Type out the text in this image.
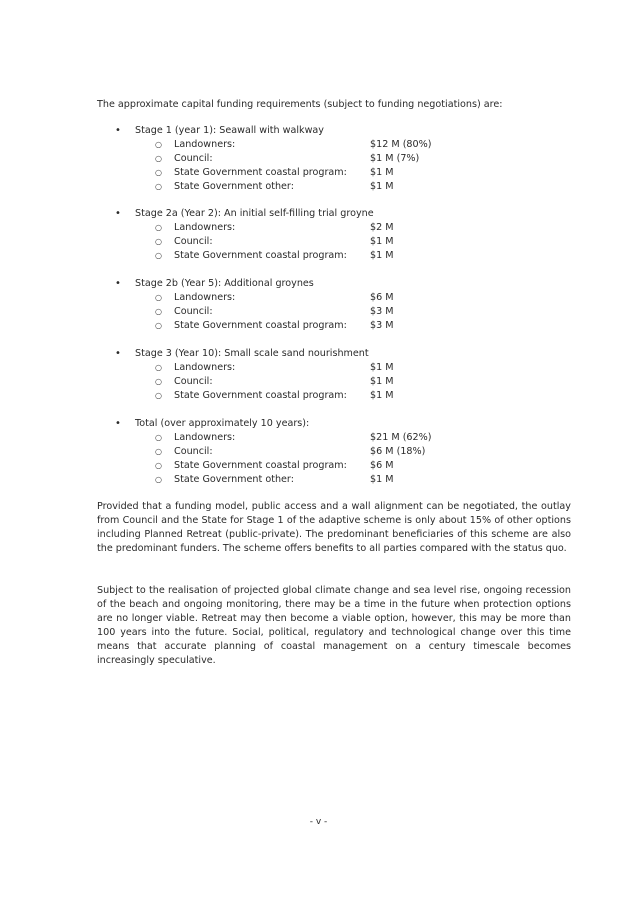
The approximate capital funding requirements (subject to funding negotiations) are:
• Stage 1 (year 1): Seawall with walkway
○ Landowners:	$12 M (80%)
○ Council:	$1 M (7%)
○ State Government coastal program: $1 M
○ State Government other:	$1 M
• Stage 2a (Year 2): An initial self-filling trial groyne
○ Landowners:	$2 M
○ Council:	$1 M
○ State Government coastal program: $1 M
• Stage 2b (Year 5): Additional groynes
○ Landowners:	$6 M
○ Council:	$3 M
○ State Government coastal program: $3 M
• Stage 3 (Year 10): Small scale sand nourishment
○ Landowners:	$1 M
○ Council:	$1 M
○ State Government coastal program: $1 M
• Total (over approximately 10 years):
○ Landowners:	$21 M (62%)
○ Council:	$6 M (18%)
○ State Government coastal program: $6 M
○ State Government other:	$1 M

Provided that a funding model, public access and a wall alignment can be negotiated, the outlay from Council and the State for Stage 1 of the adaptive scheme is only about 15% of other options including Planned Retreat (public-private). The predominant beneficiaries of this scheme are also the predominant funders. The scheme offers benefits to all parties compared with the status quo.

Subject to the realisation of projected global climate change and sea level rise, ongoing recession of the beach and ongoing monitoring, there may be a time in the future when protection options are no longer viable. Retreat may then become a viable option, however, this may be more than 100 years into the future. Social, political, regulatory and technological change over this time means that accurate planning of coastal management on a century timescale becomes increasingly speculative.

- v -
